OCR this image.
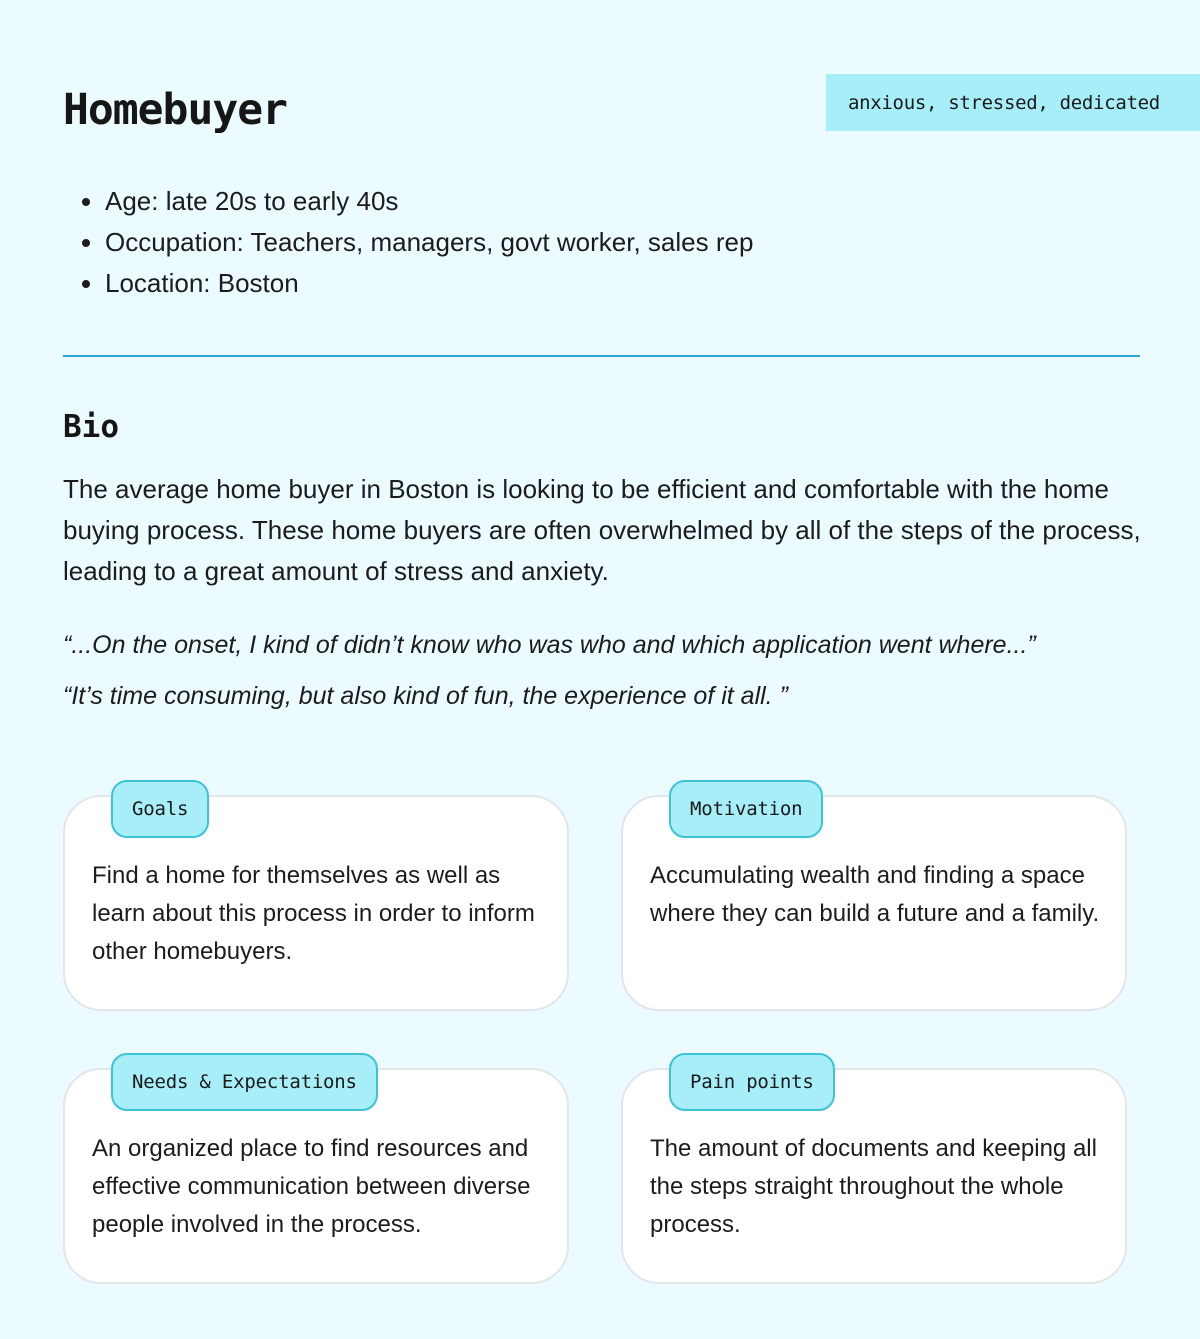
Homebuyer	anxious, stressed, dedicated
• Age: late 20s to early 40s
• Occupation: Teachers, managers, govt worker, sales rep
• Location: Boston
Bio

The average home buyer in Boston is looking to be efficient and comfortable with the home buying process. These home buyers are often overwhelmed by all of the steps of the process, leading to a great amount of stress and anxiety.

“...On the onset, I kind of didn’t know who was who and which application went where...”

“It’s time consuming, but also kind of fun, the experience of it all. ”

Goals

Find a home for themselves as well as learn about this process in order to inform other homebuyers.

Motivation

Accumulating wealth and finding a space where they can build a future and a family.

Needs & Expectations

An organized place to find resources and effective communication between diverse people involved in the process.

Pain points

The amount of documents and keeping all the steps straight throughout the whole process.
